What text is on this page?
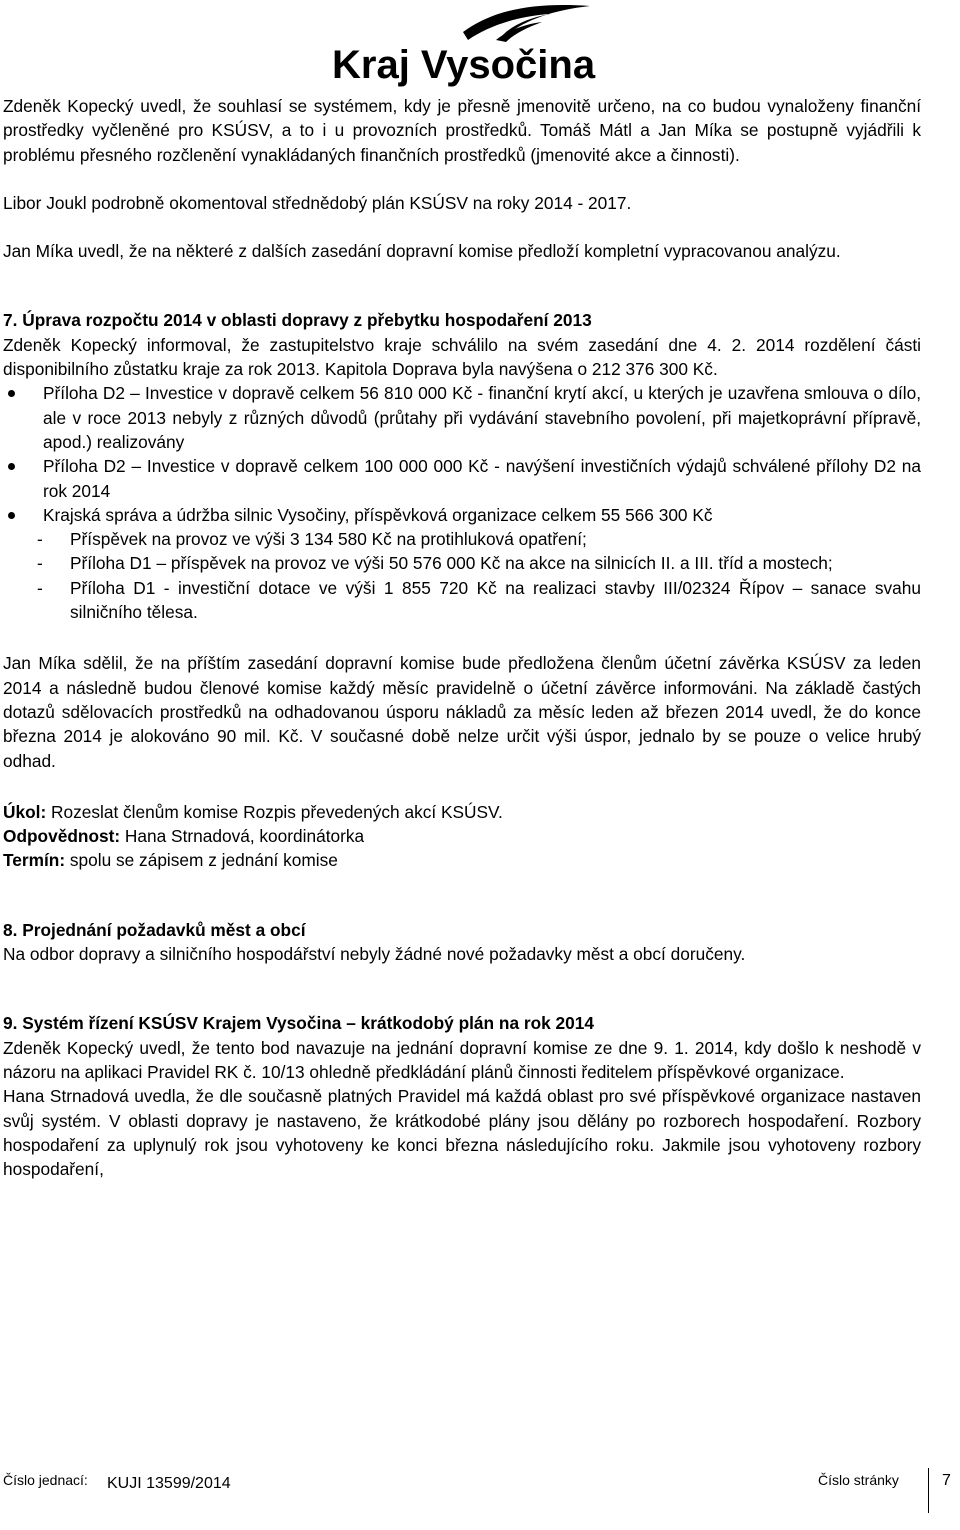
Kraj Vysočina

Zdeněk Kopecký uvedl, že souhlasí se systémem, kdy je přesně jmenovitě určeno, na co budou vynaloženy finanční prostředky vyčleněné pro KSÚSV, a to i u provozních prostředků. Tomáš Mátl a Jan Míka se postupně vyjádřili k problému přesného rozčlenění vynakládaných finančních prostředků (jmenovité akce a činnosti).

Libor Joukl podrobně okomentoval střednědobý plán KSÚSV na roky 2014 - 2017.

Jan Míka uvedl, že na některé z dalších zasedání dopravní komise předloží kompletní vypracovanou analýzu.

7. Úprava rozpočtu 2014 v oblasti dopravy z přebytku hospodaření 2013

Zdeněk Kopecký informoval, že zastupitelstvo kraje schválilo na svém zasedání dne 4. 2. 2014 rozdělení části disponibilního zůstatku kraje za rok 2013. Kapitola Doprava byla navýšena o 212 376 300 Kč.

Příloha D2 – Investice v dopravě celkem 56 810 000 Kč - finanční krytí akcí, u kterých je uzavřena smlouva o dílo, ale v roce 2013 nebyly z různých důvodů (průtahy při vydávání stavebního povolení, při majetkoprávní přípravě, apod.) realizovány
Příloha D2 – Investice v dopravě celkem 100 000 000 Kč - navýšení investičních výdajů schválené přílohy D2 na rok 2014
Krajská správa a údržba silnic Vysočiny, příspěvková organizace celkem 55 566 300 Kč
- Příspěvek na provoz ve výši 3 134 580 Kč na protihluková opatření;
- Příloha D1 – příspěvek na provoz ve výši 50 576 000 Kč na akce na silnicích II. a III. tříd a mostech;
- Příloha D1 - investiční dotace ve výši 1 855 720 Kč na realizaci stavby III/02324 Řípov – sanace svahu silničního tělesa.

Jan Míka sdělil, že na příštím zasedání dopravní komise bude předložena členům účetní závěrka KSÚSV za leden 2014 a následně budou členové komise každý měsíc pravidelně o účetní závěrce informováni. Na základě častých dotazů sdělovacích prostředků na odhadovanou úsporu nákladů za měsíc leden až březen 2014 uvedl, že do konce března 2014 je alokováno 90 mil. Kč. V současné době nelze určit výši úspor, jednalo by se pouze o velice hrubý odhad.

Úkol: Rozeslat členům komise Rozpis převedených akcí KSÚSV.

Odpovědnost: Hana Strnadová, koordinátorka

Termín: spolu se zápisem z jednání komise

8. Projednání požadavků měst a obcí

Na odbor dopravy a silničního hospodářství nebyly žádné nové požadavky měst a obcí doručeny.

9. Systém řízení KSÚSV Krajem Vysočina – krátkodobý plán na rok 2014

Zdeněk Kopecký uvedl, že tento bod navazuje na jednání dopravní komise ze dne 9. 1. 2014, kdy došlo k neshodě v názoru na aplikaci Pravidel RK č. 10/13 ohledně předkládání plánů činnosti ředitelem příspěvkové organizace.

Hana Strnadová uvedla, že dle současně platných Pravidel má každá oblast pro své příspěvkové organizace nastaven svůj systém. V oblasti dopravy je nastaveno, že krátkodobé plány jsou dělány po rozborech hospodaření. Rozbory hospodaření za uplynulý rok jsou vyhotoveny ke konci března následujícího roku. Jakmile jsou vyhotoveny rozbory hospodaření,

Číslo jednací: KUJI 13599/2014	Číslo stránky	7
